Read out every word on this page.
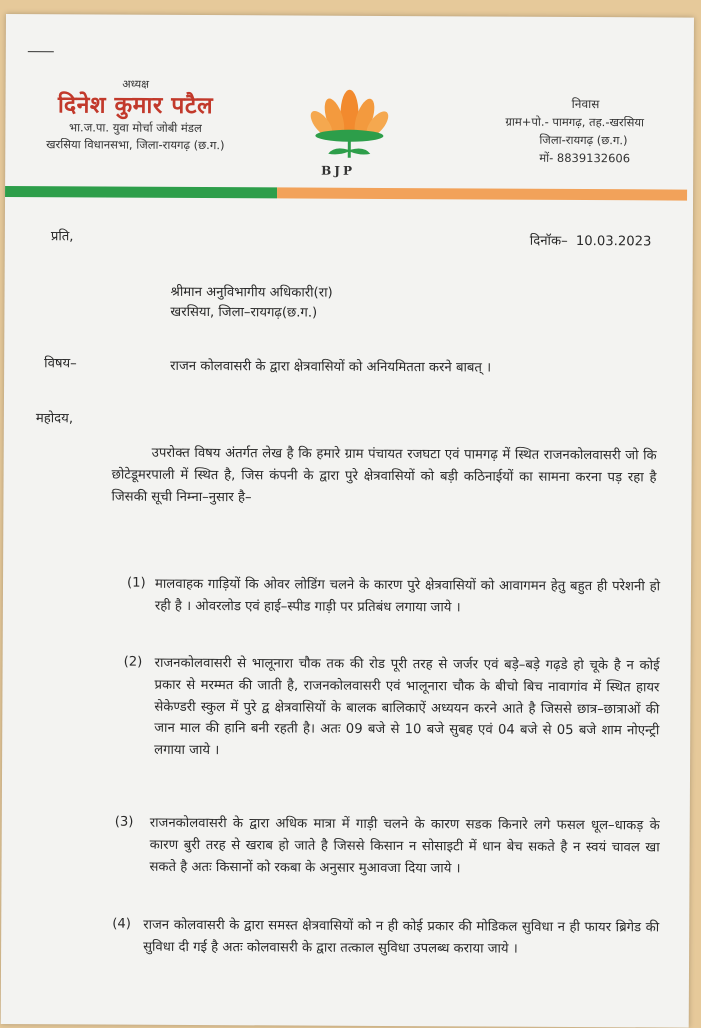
अध्यक्ष
दिनेश कुमार पटैल
भा.ज.पा. युवा मोर्चा जोबी मंडल
खरसिया विधानसभा, जिला-रायगढ़ (छ.ग.)
BJP
निवास
ग्राम+पो.- पामगढ़, तह.-खरसिया
जिला-रायगढ़ (छ.ग.)
मों- 8839132606
प्रति,	दिनॉक– 10.03.2023
श्रीमान अनुविभागीय अधिकारी(रा)
खरसिया, जिला–रायगढ़(छ.ग.)
विषय–	राजन कोलवासरी के द्वारा क्षेत्रवासियों को अनियमितता करने बाबत् ।
महोदय,
उपरोक्त विषय अंतर्गत लेख है कि हमारे ग्राम पंचायत रजघटा एवं पामगढ़ में स्थित राजनकोलवासरी जो कि छोटेडूमरपाली में स्थित है, जिस कंपनी के द्वारा पुरे क्षेत्रवासियों को बड़ी कठिनाईयों का सामना करना पड़ रहा है जिसकी सूची निम्ना–नुसार है–
(1) मालवाहक गाड़ियों कि ओवर लोडिंग चलने के कारण पुरे क्षेत्रवासियों को आवागमन हेतु बहुत ही परेशनी हो रही है । ओवरलोड एवं हाई–स्पीड गाड़ी पर प्रतिबंध लगाया जाये ।
(2) राजनकोलवासरी से भालूनारा चौक तक की रोड पूरी तरह से जर्जर एवं बड़े–बड़े गढ़डे हो चूके है न कोई प्रकार से मरम्मत की जाती है, राजनकोलवासरी एवं भालूनारा चौक के बीचो बिच नावागांव में स्थित हायर सेकेण्डरी स्कुल में पुरे द्व क्षेत्रवासियों के बालक बालिकाऐं अध्ययन करने आते है जिससे छात्र–छात्राओं की जान माल की हानि बनी रहती है। अतः 09 बजे से 10 बजे सुबह एवं 04 बजे से 05 बजे शाम नोएन्ट्री लगाया जाये ।
(3) राजनकोलवासरी के द्वारा अधिक मात्रा में गाड़ी चलने के कारण सडक किनारे लगे फसल धूल–धाकड़ के कारण बुरी तरह से खराब हो जाते है जिससे किसान न सोसाइटी में धान बेच सकते है न स्वयं चावल खा सकते है अतः किसानों को रकबा के अनुसार मुआवजा दिया जाये ।
(4) राजन कोलवासरी के द्वारा समस्त क्षेत्रवासियों को न ही कोई प्रकार की मोडिकल सुविधा न ही फायर ब्रिगेड की सुविधा दी गई है अतः कोलवासरी के द्वारा तत्काल सुविधा उपलब्ध कराया जाये ।
